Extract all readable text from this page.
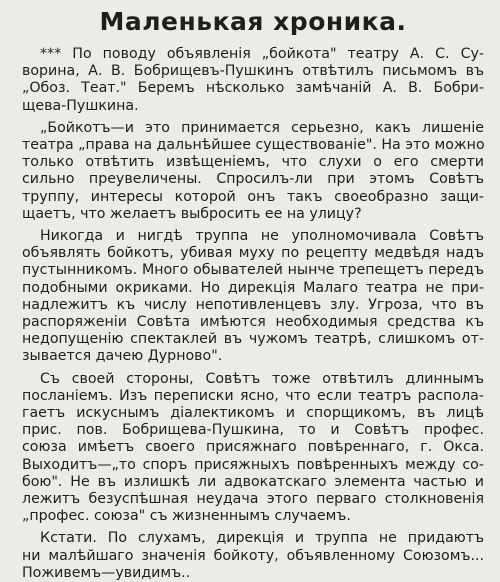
Маленькая хроника.
*** По поводу объявленія „бойкота" театру А. С. Су-
ворина, А. В. Бобрищевъ-Пушкинъ отвѣтилъ письмомъ въ
„Обоз. Теат." Беремъ нѣсколько замѣчаній А. В. Бобри-
щева-Пушкина.
„Бойкотъ—и это принимается серьезно, какъ лишеніе
театра „права на дальнѣйшее существованіе". На это можно
только отвѣтить извѣщеніемъ, что слухи о его смерти
сильно преувеличены. Спросилъ-ли при этомъ Совѣтъ
труппу, интересы которой онъ такъ своеобразно защи-
щаетъ, что желаетъ выбросить ее на улицу?
Никогда и нигдѣ труппа не уполномочивала Совѣтъ
объявлять бойкотъ, убивая муху по рецепту медвѣдя надъ
пустынникомъ. Много обывателей нынче трепещетъ передъ
подобными окриками. Но дирекція Малаго театра не при-
надлежитъ къ числу непотивленцевъ злу. Угроза, что въ
распоряженіи Совѣта имѣются необходимыя средства къ
недопущенію спектаклей въ чужомъ театрѣ, слишкомъ от-
зывается дачею Дурново".
Съ своей стороны, Совѣтъ тоже отвѣтилъ длиннымъ
посланіемъ. Изъ переписки ясно, что если театръ распола-
гаетъ искуснымъ діалектикомъ и спорщикомъ, въ лицѣ
прис. пов. Бобрищева-Пушкина, то и Совѣтъ профес.
союза имѣетъ своего присяжнаго повѣреннаго, г. Окса.
Выходитъ—„то споръ присяжныхъ повѣренныхъ между со-
бою". Не въ излишкѣ ли адвокатскаго элемента частью и
лежитъ безуспѣшная неудача этого перваго столкновенія
„профес. союза" съ жизненнымъ случаемъ.
Кстати. По слухамъ, дирекція и труппа не придаютъ
ни малѣйшаго значенія бойкоту, объявленному Союзомъ...
Поживемъ—увидимъ..
